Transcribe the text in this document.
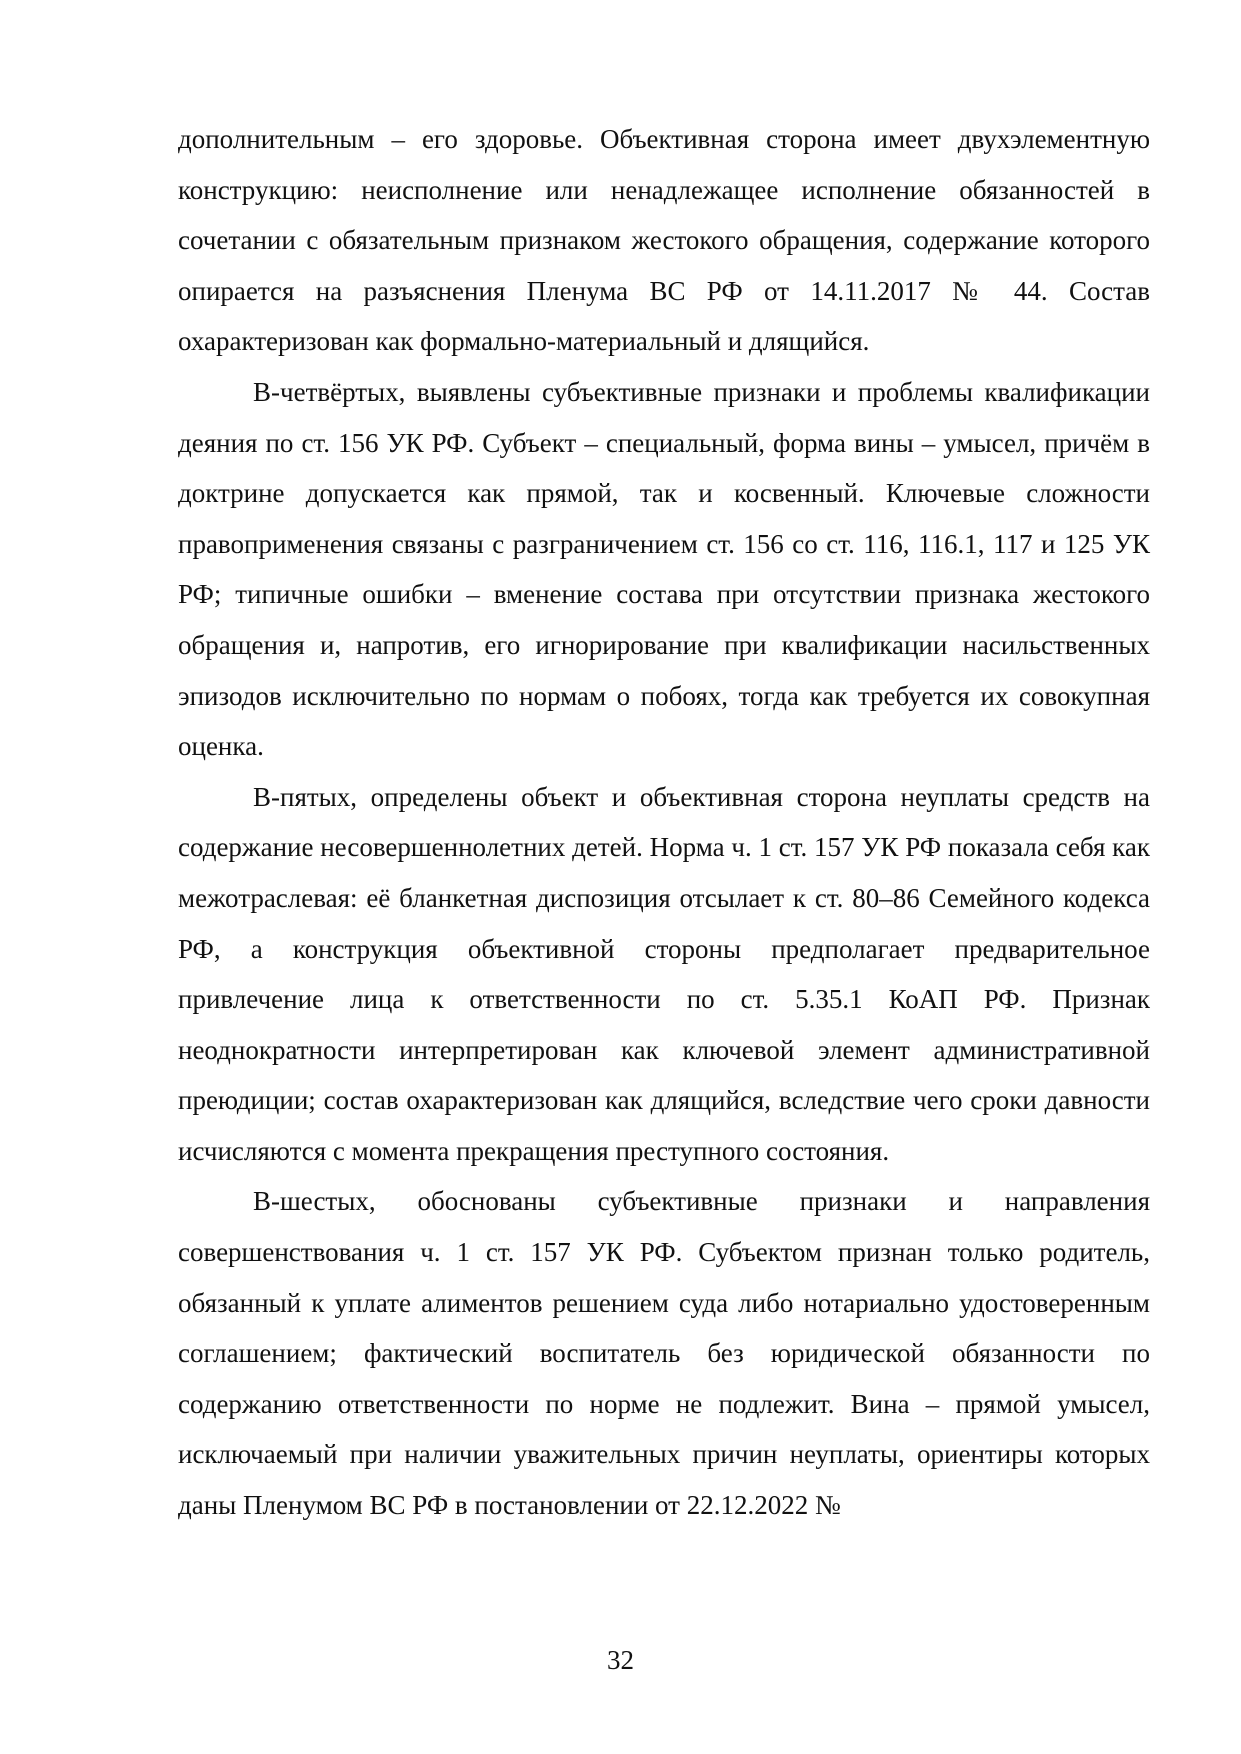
дополнительным – его здоровье. Объективная сторона имеет двухэлементную конструкцию: неисполнение или ненадлежащее исполнение обязанностей в сочетании с обязательным признаком жестокого обращения, содержание которого опирается на разъяснения Пленума ВС РФ от 14.11.2017 № 44. Состав охарактеризован как формально-материальный и длящийся.

В-четвёртых, выявлены субъективные признаки и проблемы квалификации деяния по ст. 156 УК РФ. Субъект – специальный, форма вины – умысел, причём в доктрине допускается как прямой, так и косвенный. Ключевые сложности правоприменения связаны с разграничением ст. 156 со ст. 116, 116.1, 117 и 125 УК РФ; типичные ошибки – вменение состава при отсутствии признака жестокого обращения и, напротив, его игнорирование при квалификации насильственных эпизодов исключительно по нормам о побоях, тогда как требуется их совокупная оценка.

В-пятых, определены объект и объективная сторона неуплаты средств на содержание несовершеннолетних детей. Норма ч. 1 ст. 157 УК РФ показала себя как межотраслевая: её бланкетная диспозиция отсылает к ст. 80–86 Семейного кодекса РФ, а конструкция объективной стороны предполагает предварительное привлечение лица к ответственности по ст. 5.35.1 КоАП РФ. Признак неоднократности интерпретирован как ключевой элемент административной преюдиции; состав охарактеризован как длящийся, вследствие чего сроки давности исчисляются с момента прекращения преступного состояния.

В-шестых, обоснованы субъективные признаки и направления совершенствования ч. 1 ст. 157 УК РФ. Субъектом признан только родитель, обязанный к уплате алиментов решением суда либо нотариально удостоверенным соглашением; фактический воспитатель без юридической обязанности по содержанию ответственности по норме не подлежит. Вина – прямой умысел, исключаемый при наличии уважительных причин неуплаты, ориентиры которых даны Пленумом ВС РФ в постановлении от 22.12.2022 №

32
